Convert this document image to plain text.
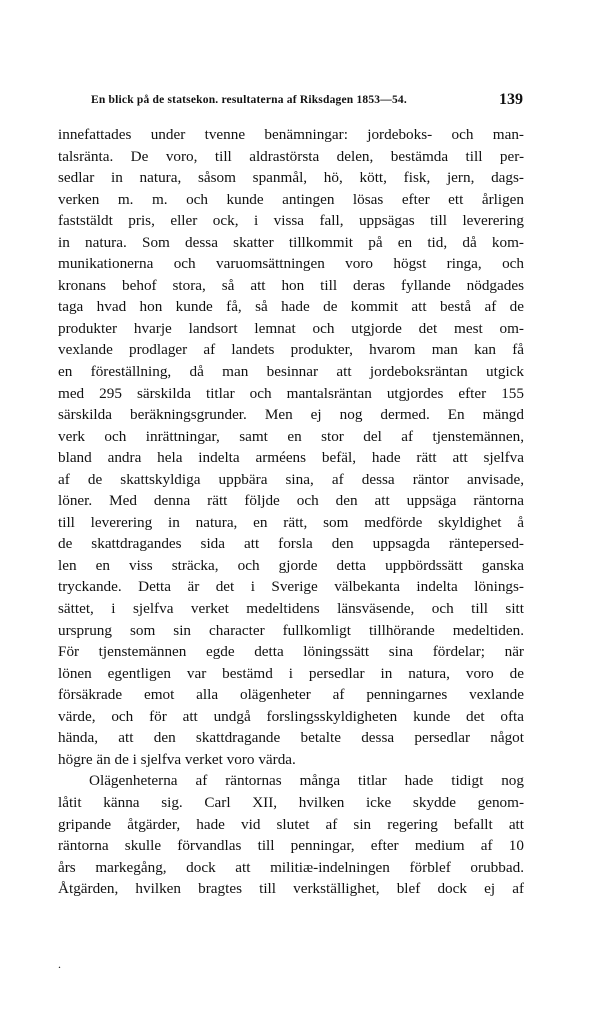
En blick på de statsekon. resultaterna af Riksdagen 1853—54.	139
innefattades under tvenne benämningar: jordeboks- och man-
talsränta. De voro, till aldrastörsta delen, bestämda till per-
sedlar in natura, såsom spanmål, hö, kött, fisk, jern, dags-
verken m. m. och kunde antingen lösas efter ett årligen
faststäldt pris, eller ock, i vissa fall, uppsägas till leverering
in natura. Som dessa skatter tillkommit på en tid, då kom-
munikationerna och varuomsättningen voro högst ringa, och
kronans behof stora, så att hon till deras fyllande nödgades
taga hvad hon kunde få, så hade de kommit att bestå af de
produkter hvarje landsort lemnat och utgjorde det mest om-
vexlande prodlager af landets produkter, hvarom man kan få
en föreställning, då man besinnar att jordeboksräntan utgick
med 295 särskilda titlar och mantalsräntan utgjordes efter 155
särskilda beräkningsgrunder. Men ej nog dermed. En mängd
verk och inrättningar, samt en stor del af tjenstemännen,
bland andra hela indelta arméens befäl, hade rätt att sjelfva
af de skattskyldiga uppbära sina, af dessa räntor anvisade,
löner. Med denna rätt följde och den att uppsäga räntorna
till leverering in natura, en rätt, som medförde skyldighet å
de skattdragandes sida att forsla den uppsagda räntepersed-
len en viss sträcka, och gjorde detta uppbördssätt ganska
tryckande. Detta är det i Sverige välbekanta indelta lönings-
sättet, i sjelfva verket medeltidens länsväsende, och till sitt
ursprung som sin character fullkomligt tillhörande medeltiden.
För tjenstemännen egde detta löningssätt sina fördelar; när
lönen egentligen var bestämd i persedlar in natura, voro de
försäkrade emot alla olägenheter af penningarnes vexlande
värde, och för att undgå forslingsskyldigheten kunde det ofta
hända, att den skattdragande betalte dessa persedlar något
högre än de i sjelfva verket voro värda.
Olägenheterna af räntornas många titlar hade tidigt nog
låtit känna sig. Carl XII, hvilken icke skydde genom-
gripande åtgärder, hade vid slutet af sin regering befallt att
räntorna skulle förvandlas till penningar, efter medium af 10
års markegång, dock att militiæ-indelningen förblef orubbad.
Åtgärden, hvilken bragtes till verkställighet, blef dock ej af
.
